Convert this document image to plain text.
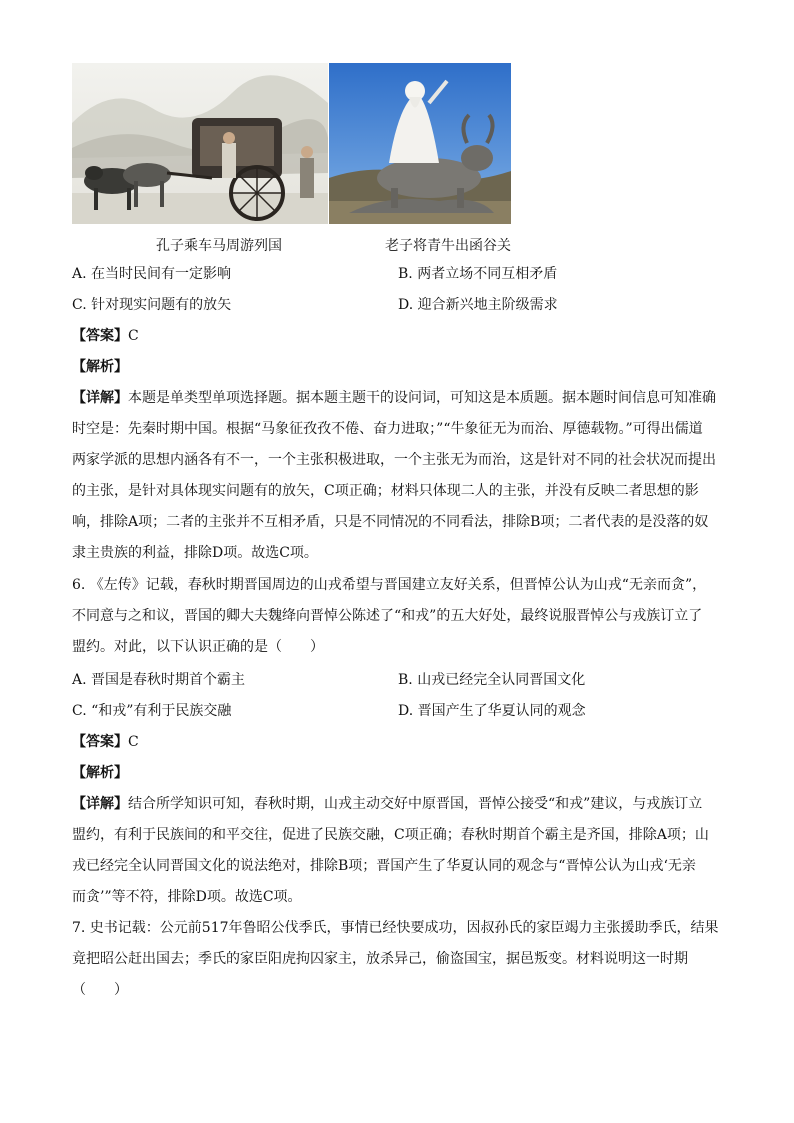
孔子乘车马周游列国	老子将青牛出函谷关
A. 在当时民间有一定影响	B. 两者立场不同互相矛盾
C. 针对现实问题有的放矢	D. 迎合新兴地主阶级需求
【答案】C
【解析】
【详解】本题是单类型单项选择题。据本题主题干的设问词，可知这是本质题。据本题时间信息可知准确
时空是：先秦时期中国。根据“马象征孜孜不倦、奋力进取；”“牛象征无为而治、厚德载物。”可得出儒道
两家学派的思想内涵各有不一，一个主张积极进取，一个主张无为而治，这是针对不同的社会状况而提出
的主张，是针对具体现实问题有的放矢，C项正确；材料只体现二人的主张，并没有反映二者思想的影
响，排除A项；二者的主张并不互相矛盾，只是不同情况的不同看法，排除B项；二者代表的是没落的奴
隶主贵族的利益，排除D项。故选C项。
6. 《左传》记载，春秋时期晋国周边的山戎希望与晋国建立友好关系，但晋悼公认为山戎“无亲而贪”，
不同意与之和议，晋国的卿大夫魏绛向晋悼公陈述了“和戎”的五大好处，最终说服晋悼公与戎族订立了
盟约。对此，以下认识正确的是（　　）
A. 晋国是春秋时期首个霸主	B. 山戎已经完全认同晋国文化
C. “和戎”有利于民族交融	D. 晋国产生了华夏认同的观念
【答案】C
【解析】
【详解】结合所学知识可知，春秋时期，山戎主动交好中原晋国，晋悼公接受“和戎”建议，与戎族订立
盟约，有利于民族间的和平交往，促进了民族交融，C项正确；春秋时期首个霸主是齐国，排除A项；山
戎已经完全认同晋国文化的说法绝对，排除B项；晋国产生了华夏认同的观念与“晋悼公认为山戎‘无亲
而贪’”等不符，排除D项。故选C项。
7. 史书记载：公元前517年鲁昭公伐季氏，事情已经快要成功，因叔孙氏的家臣竭力主张援助季氏，结果
竟把昭公赶出国去；季氏的家臣阳虎拘囚家主，放杀异己，偷盗国宝，据邑叛变。材料说明这一时期
（　　）
